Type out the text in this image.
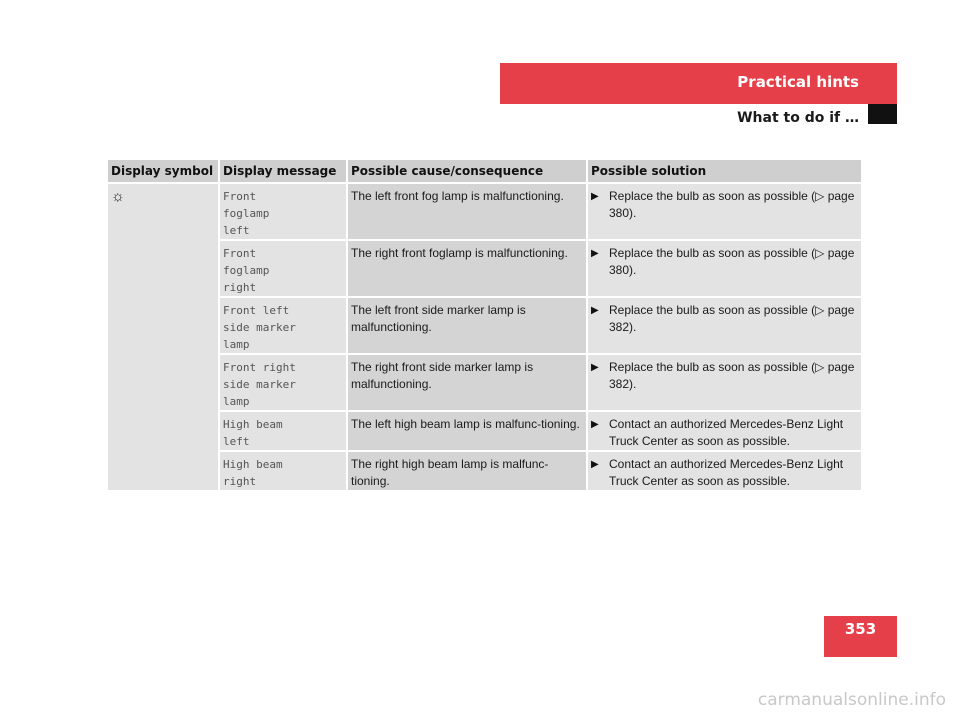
Practical hints
What to do if …
Display symbol	Display message	Possible cause/consequence	Possible solution
☼	Front
foglamp
left	The left front fog lamp is malfunctioning.	▶ Replace the bulb as soon as possible (▷ page 380).

	Front
foglamp
right	The right front foglamp is malfunctioning.	▶ Replace the bulb as soon as possible (▷ page 380).

	Front left
side marker
lamp	The left front side marker lamp is malfunctioning.	▶ Replace the bulb as soon as possible (▷ page 382).

	Front right
side marker
lamp	The right front side marker lamp is malfunctioning.	▶ Replace the bulb as soon as possible (▷ page 382).

	High beam
left	The left high beam lamp is malfunc-tioning.	▶ Contact an authorized Mercedes-Benz Light Truck Center as soon as possible.

	High beam
right	The right high beam lamp is malfunc-tioning.	▶ Contact an authorized Mercedes-Benz Light Truck Center as soon as possible.
353
carmanualsonline.info
